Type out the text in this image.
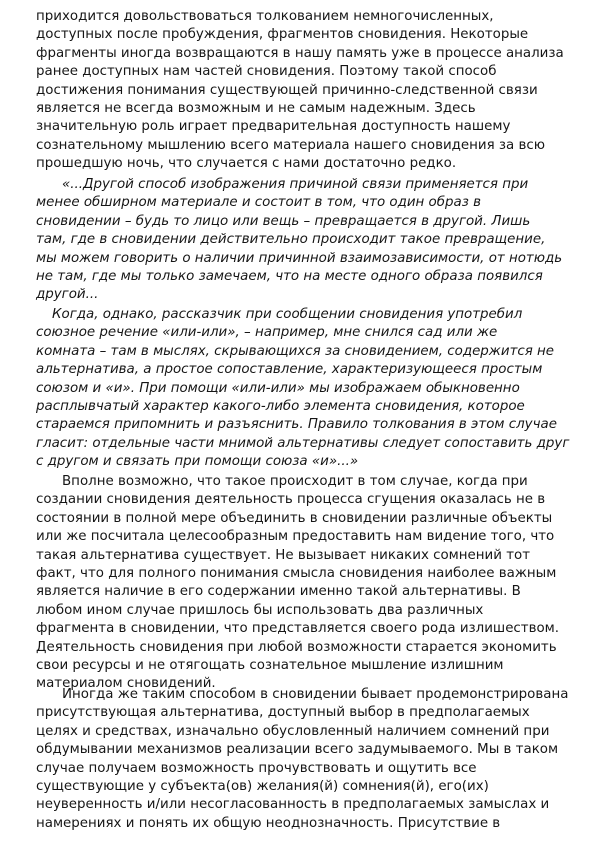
приходится довольствоваться толкованием немногочисленных,
доступных после пробуждения, фрагментов сновидения. Некоторые
фрагменты иногда возвращаются в нашу память уже в процессе анализа
ранее доступных нам частей сновидения. Поэтому такой способ
достижения понимания существующей причинно-следственной связи
является не всегда возможным и не самым надежным. Здесь
значительную роль играет предварительная доступность нашему
сознательному мышлению всего материала нашего сновидения за всю
прошедшую ночь, что случается с нами достаточно редко.
«...Другой способ изображения причиной связи применяется при
менее обширном материале и состоит в том, что один образ в
сновидении – будь то лицо или вещь – превращается в другой. Лишь
там, где в сновидении действительно происходит такое превращение,
мы можем говорить о наличии причинной взаимозависимости, от нотюдь
не там, где мы только замечаем, что на месте одного образа появился
другой...
Когда, однако, рассказчик при сообщении сновидения употребил
союзное речение «или-или», – например, мне снился сад или же
комната – там в мыслях, скрывающихся за сновидением, содержится не
альтернатива, а простое сопоставление, характеризующееся простым
союзом и «и». При помощи «или-или» мы изображаем обыкновенно
расплывчатый характер какого-либо элемента сновидения, которое
стараемся припомнить и разъяснить. Правило толкования в этом случае
гласит: отдельные части мнимой альтернативы следует сопоставить друг
с другом и связать при помощи союза «и»...»
Вполне возможно, что такое происходит в том случае, когда при
создании сновидения деятельность процесса сгущения оказалась не в
состоянии в полной мере объединить в сновидении различные объекты
или же посчитала целесообразным предоставить нам видение того, что
такая альтернатива существует. Не вызывает никаких сомнений тот
факт, что для полного понимания смысла сновидения наиболее важным
является наличие в его содержании именно такой альтернативы. В
любом ином случае пришлось бы использовать два различных
фрагмента в сновидении, что представляется своего рода излишеством.
Деятельность сновидения при любой возможности старается экономить
свои ресурсы и не отягощать сознательное мышление излишним
материалом сновидений.
Иногда же таким способом в сновидении бывает продемонстрирована
присутствующая альтернатива, доступный выбор в предполагаемых
целях и средствах, изначально обусловленный наличием сомнений при
обдумывании механизмов реализации всего задумываемого. Мы в таком
случае получаем возможность прочувствовать и ощутить все
существующие у субъекта(ов) желания(й) сомнения(й), его(их)
неуверенность и/или несогласованность в предполагаемых замыслах и
намерениях и понять их общую неоднозначность. Присутствие в
